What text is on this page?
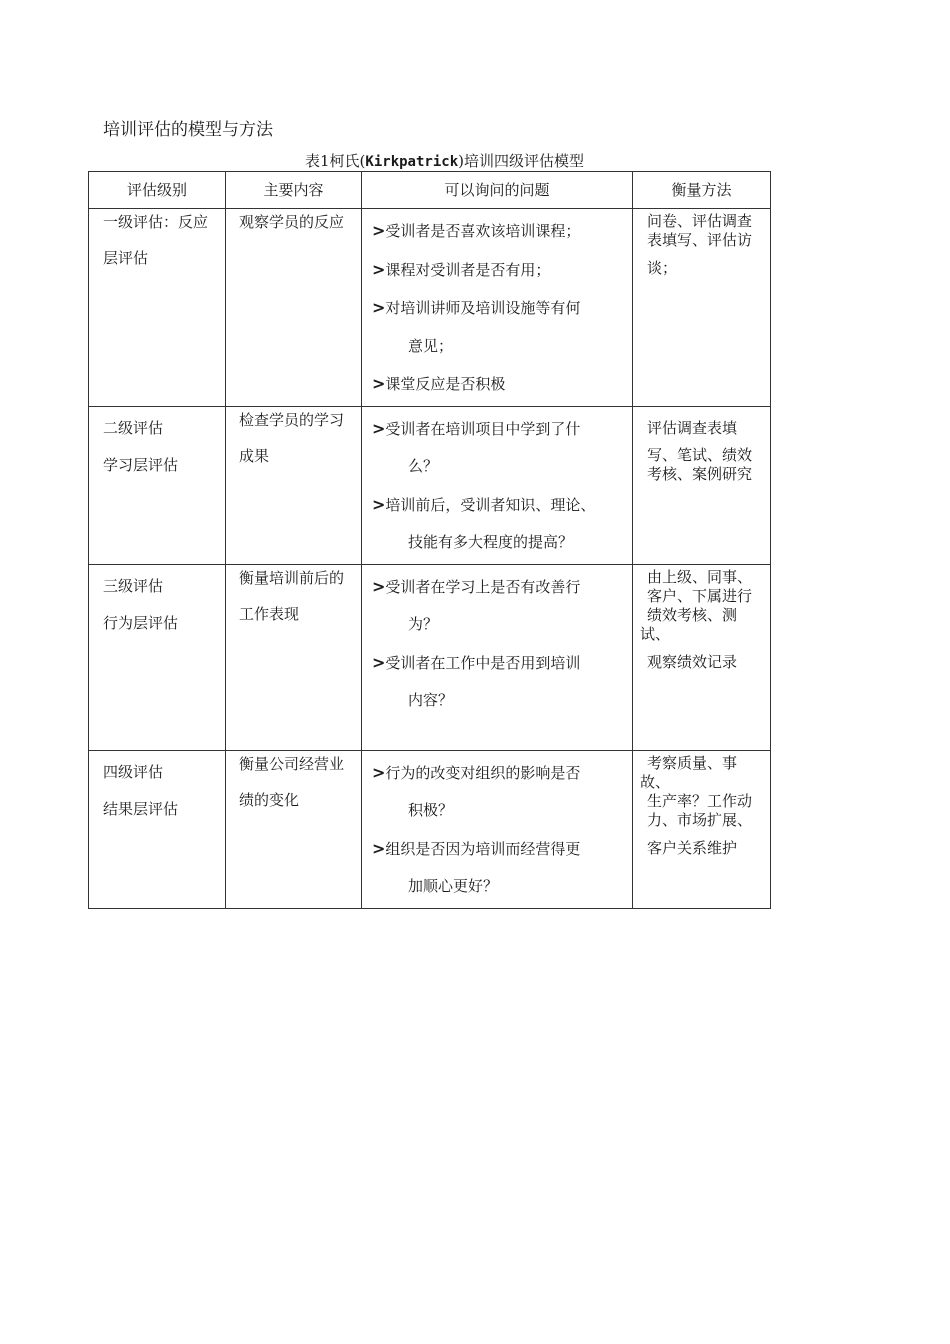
培训评估的模型与方法
表1柯氏(Kirkpatrick)培训四级评估模型
评估级别	主要内容	可以询问的问题	衡量方法

一级评估：反应
层评估	观察学员的反应	>受训者是否喜欢该培训课程；
>课程对受训者是否有用；
>对培训讲师及培训设施等有何
意见；
>课堂反应是否积极	问卷、评估调查
表填写、评估访
谈；

二级评估
学习层评估	检查学员的学习
成果	>受训者在培训项目中学到了什
么？
>培训前后，受训者知识、理论、
技能有多大程度的提高？	评估调查表填
写、笔试、绩效
考核、案例研究

三级评估
行为层评估	衡量培训前后的
工作表现	>受训者在学习上是否有改善行
为？
>受训者在工作中是否用到培训
内容？	由上级、同事、
客户、下属进行
绩效考核、测试、
观察绩效记录

四级评估
结果层评估	衡量公司经营业
绩的变化	>行为的改变对组织的影响是否
积极？
>组织是否因为培训而经营得更
加顺心更好？	考察质量、事故、
生产率？工作动
力、市场扩展、
客户关系维护
